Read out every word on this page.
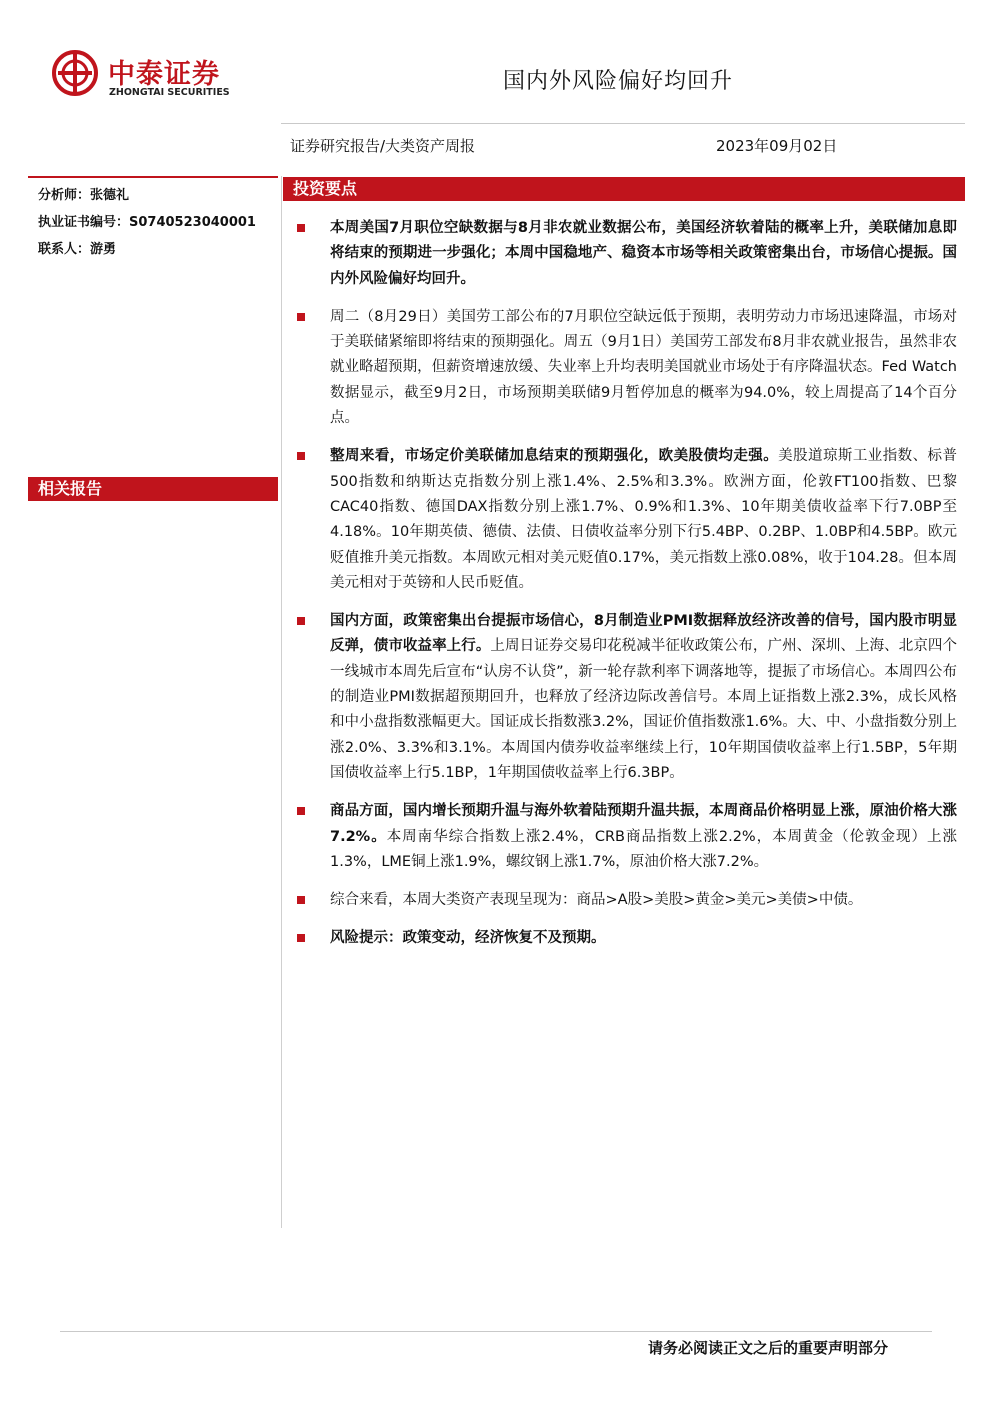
中泰证券
ZHONGTAI SECURITIES	国内外风险偏好均回升
证券研究报告/大类资产周报	2023年09月02日
分析师：张德礼
执业证书编号：S0740523040001
联系人：游勇
相关报告
投资要点
本周美国7月职位空缺数据与8月非农就业数据公布，美国经济软着陆的概率上升，美联储加息即将结束的预期进一步强化；本周中国稳地产、稳资本市场等相关政策密集出台，市场信心提振。国内外风险偏好均回升。
周二（8月29日）美国劳工部公布的7月职位空缺远低于预期，表明劳动力市场迅速降温，市场对于美联储紧缩即将结束的预期强化。周五（9月1日）美国劳工部发布8月非农就业报告，虽然非农就业略超预期，但薪资增速放缓、失业率上升均表明美国就业市场处于有序降温状态。Fed Watch数据显示，截至9月2日，市场预期美联储9月暂停加息的概率为94.0%，较上周提高了14个百分点。
整周来看，市场定价美联储加息结束的预期强化，欧美股债均走强。美股道琼斯工业指数、标普500指数和纳斯达克指数分别上涨1.4%、2.5%和3.3%。欧洲方面，伦敦FT100指数、巴黎CAC40指数、德国DAX指数分别上涨1.7%、0.9%和1.3%、10年期美债收益率下行7.0BP至4.18%。10年期英债、德债、法债、日债收益率分别下行5.4BP、0.2BP、1.0BP和4.5BP。欧元贬值推升美元指数。本周欧元相对美元贬值0.17%，美元指数上涨0.08%，收于104.28。但本周美元相对于英镑和人民币贬值。
国内方面，政策密集出台提振市场信心，8月制造业PMI数据释放经济改善的信号，国内股市明显反弹，债市收益率上行。上周日证券交易印花税减半征收政策公布，广州、深圳、上海、北京四个一线城市本周先后宣布“认房不认贷”，新一轮存款利率下调落地等，提振了市场信心。本周四公布的制造业PMI数据超预期回升，也释放了经济边际改善信号。本周上证指数上涨2.3%，成长风格和中小盘指数涨幅更大。国证成长指数涨3.2%，国证价值指数涨1.6%。大、中、小盘指数分别上涨2.0%、3.3%和3.1%。本周国内债券收益率继续上行，10年期国债收益率上行1.5BP，5年期国债收益率上行5.1BP，1年期国债收益率上行6.3BP。
商品方面，国内增长预期升温与海外软着陆预期升温共振，本周商品价格明显上涨，原油价格大涨7.2%。本周南华综合指数上涨2.4%，CRB商品指数上涨2.2%，本周黄金（伦敦金现）上涨1.3%，LME铜上涨1.9%，螺纹钢上涨1.7%，原油价格大涨7.2%。
综合来看，本周大类资产表现呈现为：商品>A股>美股>黄金>美元>美债>中债。
风险提示：政策变动，经济恢复不及预期。
请务必阅读正文之后的重要声明部分
